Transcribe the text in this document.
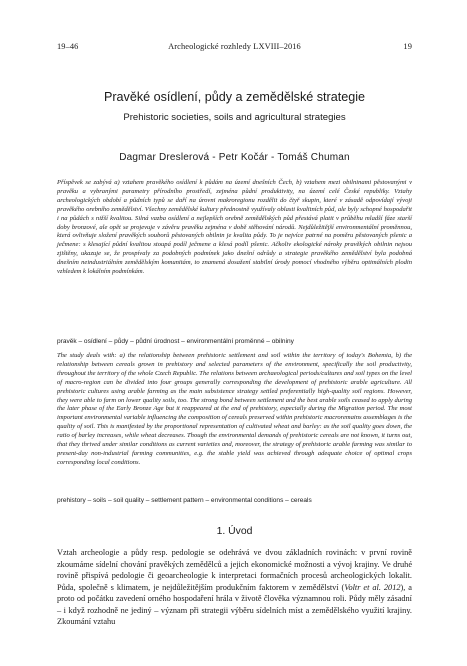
19–46	Archeologické rozhledy LXVIII–2016	19
Pravěké osídlení, půdy a zemědělské strategie

Prehistoric societies, soils and agricultural strategies

Dagmar Dreslerová - Petr Kočár - Tomáš Chuman

Příspěvek se zabývá a) vztahem pravěkého osídlení k půdám na území dnešních Čech, b) vztahem mezi obilninami pěstovanými v pravěku a vybranými parametry přírodního prostředí, zejména půdní produktivity, na území celé České republiky. Vztahy archeologických období a půdních typů se daří na úrovni makroregionu rozdělit do čtyř skupin, které v zásadě odpovídají vývoji pravěkého orebního zemědělství. Všechny zemědělské kultury přednostně využívaly oblasti kvalitních půd, ale byly schopné hospodařit i na půdách s nižší kvalitou. Silná vazba osídlení a nejlepších orebně zemědělských půd přestává platit v průběhu mladší fáze starší doby bronzové, ale opět se projevuje v závěru pravěku zejména v době stěhování národů. Nejdůležitější environmentální proměnnou, která ovlivňuje složení pravěkých souborů pěstovaných obilnin je kvalita půdy. To je nejvíce patrné na poměru pěstovaných pšenic a ječmene: s klesající půdní kvalitou stoupá podíl ječmene a klesá podíl pšenic. Ačkoliv ekologické nároky pravěkých obilnin nejsou zjištěny, ukazuje se, že prospívaly za podobných podmínek jako dnešní odrůdy a strategie pravěkého zemědělství byla podobná dnešním neindustriálním zemědělským komunitám, to znamená dosažení stabilní úrody pomocí vhodného výběru optimálních plodin vzhledem k lokálním podmínkám.

pravěk – osídlení – půdy – půdní úrodnost – environmentální proměnné – obilniny

The study deals with: a) the relationship between prehistoric settlement and soil within the territory of today's Bohemia, b) the relationship between cereals grown in prehistory and selected parameters of the environment, specifically the soil productivity, throughout the territory of the whole Czech Republic. The relations between archaeological periods/cultures and soil types on the level of macro-region can be divided into four groups generally corresponding the development of prehistoric arable agriculture. All prehistoric cultures using arable farming as the main subsistence strategy settled preferentially high-quality soil regions. However, they were able to farm on lower quality soils, too. The strong bond between settlement and the best arable soils ceased to apply during the later phase of the Early Bronze Age but it reappeared at the end of prehistory, especially during the Migration period. The most important environmental variable influencing the composition of cereals preserved within prehistoric macroremains assemblages is the quality of soil. This is manifested by the proportional representation of cultivated wheat and barley: as the soil quality goes down, the ratio of barley increases, while wheat decreases. Though the environmental demands of prehistoric cereals are not known, it turns out, that they thrived under similar conditions as current varieties and, moreover, the strategy of prehistoric arable farming was similar to present-day non-industrial farming communities, e.g. the stable yield was achieved through adequate choice of optimal crops corresponding local conditions.

prehistory – soils – soil quality – settlement pattern – environmental conditions – cereals

1. Úvod

Vztah archeologie a půdy resp. pedologie se odehrává ve dvou základních rovinách: v první rovině zkoumáme sídelní chování pravěkých zemědělců a jejich ekonomické možnosti a vývoj krajiny. Ve druhé rovině přispívá pedologie či geoarcheologie k interpretaci formačních procesů archeologických lokalit. Půda, společně s klimatem, je nejdůležitějším produkčním faktorem v zemědělství (Voltr et al. 2012), a proto od počátku zavedení orného hospodaření hrála v životě člověka významnou roli. Půdy měly zásadní – i když rozhodně ne jediný – význam při strategii výběru sídelních míst a zemědělského využití krajiny. Zkoumání vztahu
